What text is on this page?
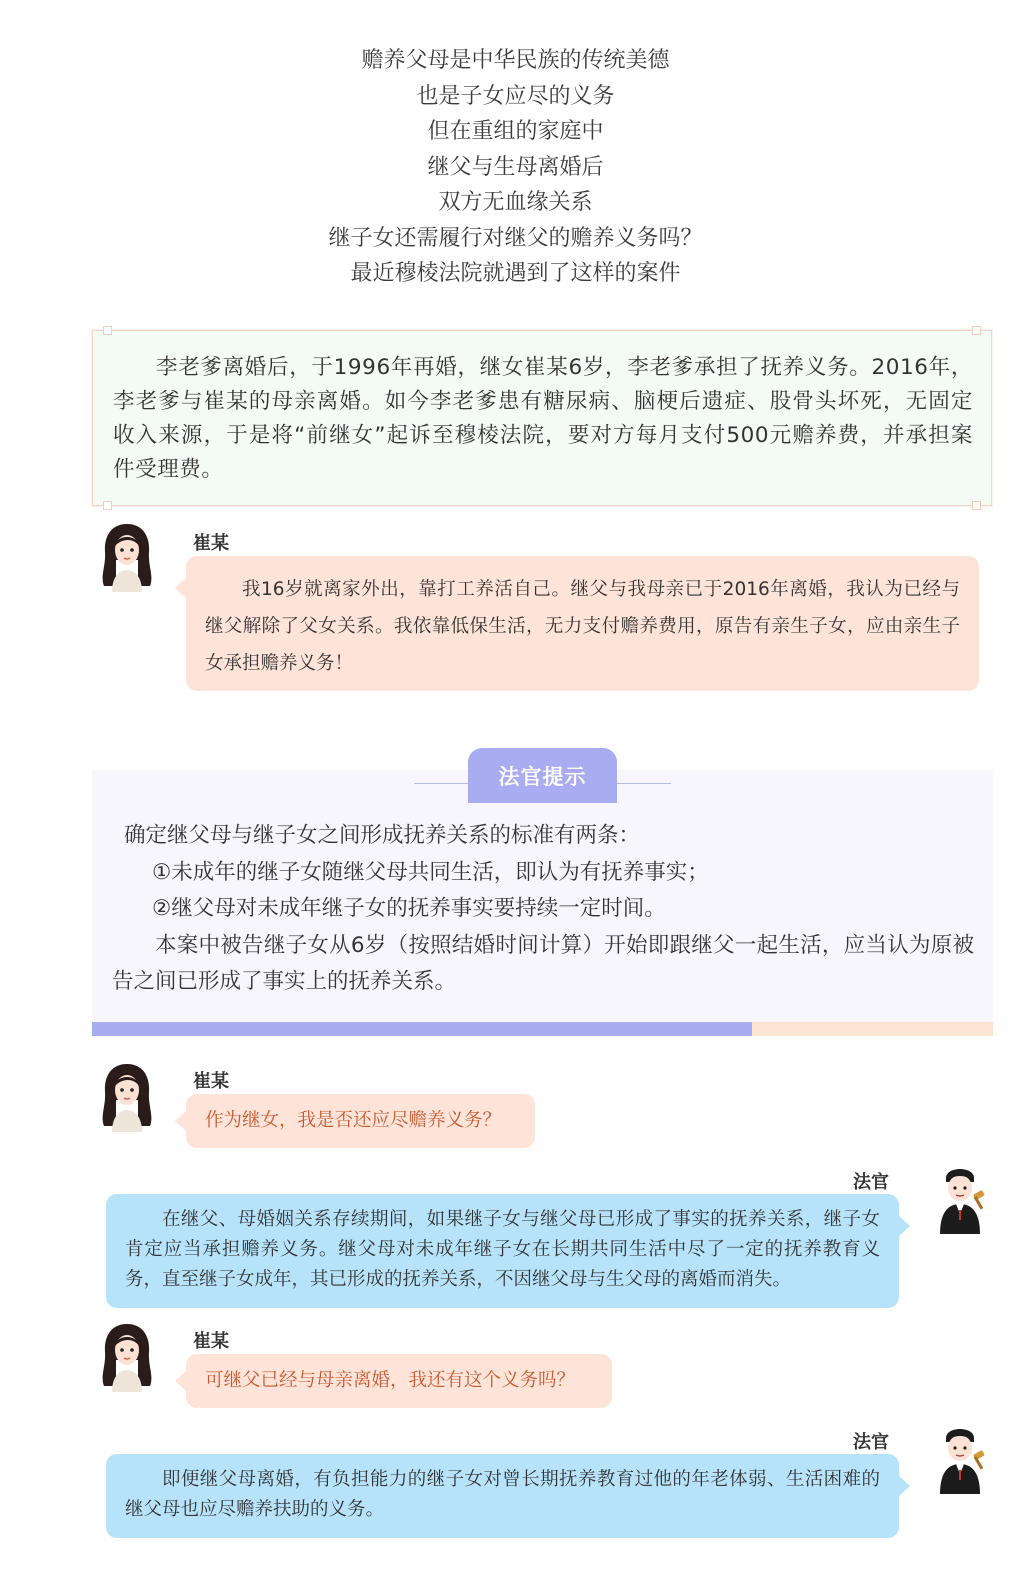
赡养父母是中华民族的传统美德
也是子女应尽的义务
但在重组的家庭中
继父与生母离婚后
双方无血缘关系
继子女还需履行对继父的赡养义务吗？
最近穆棱法院就遇到了这样的案件
李老爹离婚后，于1996年再婚，继女崔某6岁，李老爹承担了抚养义务。2016年，李老爹与崔某的母亲离婚。如今李老爹患有糖尿病、脑梗后遗症、股骨头坏死，无固定收入来源，于是将“前继女”起诉至穆棱法院，要对方每月支付500元赡养费，并承担案件受理费。
崔某
我16岁就离家外出，靠打工养活自己。继父与我母亲已于2016年离婚，我认为已经与继父解除了父女关系。我依靠低保生活，无力支付赡养费用，原告有亲生子女，应由亲生子女承担赡养义务！
法官提示

确定继父母与继子女之间形成抚养关系的标准有两条：

①未成年的继子女随继父母共同生活，即认为有抚养事实；

②继父母对未成年继子女的抚养事实要持续一定时间。

本案中被告继子女从6岁（按照结婚时间计算）开始即跟继父一起生活，应当认为原被告之间已形成了事实上的抚养关系。

崔某
作为继女，我是否还应尽赡养义务？
法官
在继父、母婚姻关系存续期间，如果继子女与继父母已形成了事实的抚养关系，继子女肯定应当承担赡养义务。继父母对未成年继子女在长期共同生活中尽了一定的抚养教育义务，直至继子女成年，其已形成的抚养关系，不因继父母与生父母的离婚而消失。
崔某
可继父已经与母亲离婚，我还有这个义务吗？
法官
即便继父母离婚，有负担能力的继子女对曾长期抚养教育过他的年老体弱、生活困难的继父母也应尽赡养扶助的义务。
